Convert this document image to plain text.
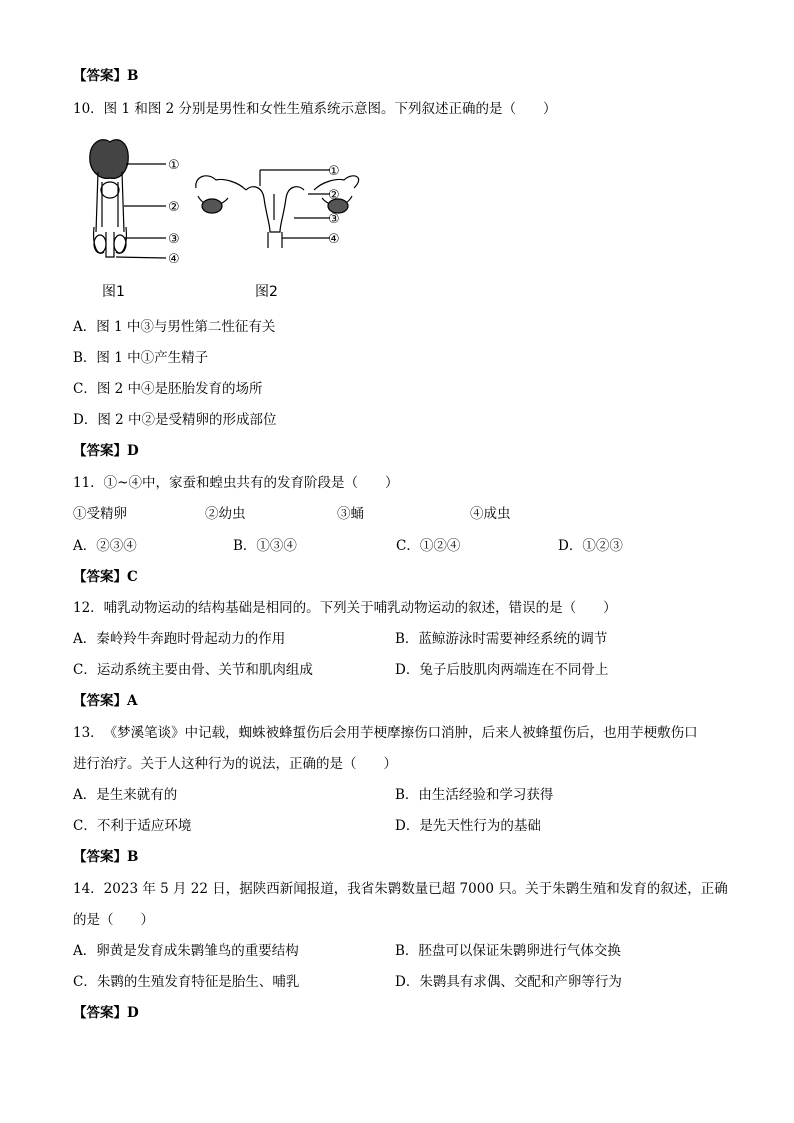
【答案】B
10．图 1 和图 2 分别是男性和女性生殖系统示意图。下列叙述正确的是（　　）
①
②
③
④
图1
①
②
③
④
图2
A．图 1 中③与男性第二性征有关
B．图 1 中①产生精子
C．图 2 中④是胚胎发育的场所
D．图 2 中②是受精卵的形成部位
【答案】D
11．①~④中，家蚕和蝗虫共有的发育阶段是（　　）
①受精卵	②幼虫	③蛹	④成虫
A．②③④	B．①③④	C．①②④	D．①②③
【答案】C
12．哺乳动物运动的结构基础是相同的。下列关于哺乳动物运动的叙述，错误的是（　　）
A．秦岭羚牛奔跑时骨起动力的作用	B．蓝鲸游泳时需要神经系统的调节
C．运动系统主要由骨、关节和肌肉组成	D．兔子后肢肌肉两端连在不同骨上
【答案】A
13．　《梦溪笔谈》中记载，蜘蛛被蜂蜇伤后会用芋梗摩擦伤口消肿，后来人被蜂蜇伤后，也用芋梗敷伤口
进行治疗。关于人这种行为的说法，正确的是（　　）
A．是生来就有的	B．由生活经验和学习获得
C．不利于适应环境	D．是先天性行为的基础
【答案】B
14．2023 年 5 月 22 日，据陕西新闻报道，我省朱鹮数量已超 7000 只。关于朱鹮生殖和发育的叙述，正确
的是（　　）
A．卵黄是发育成朱鹮雏鸟的重要结构	B．胚盘可以保证朱鹮卵进行气体交换
C．朱鹮的生殖发育特征是胎生、哺乳	D．朱鹮具有求偶、交配和产卵等行为
【答案】D
